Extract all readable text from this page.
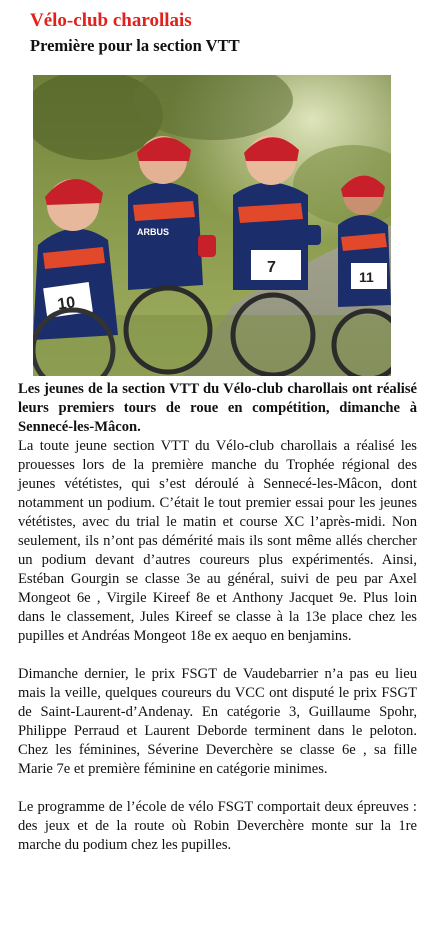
Vélo-club charollais
Première pour la section VTT
10
ARBUS
7
11

Les jeunes de la section VTT du Vélo-club charollais ont réalisé leurs premiers tours de roue en compétition, dimanche à Sennecé-les-Mâcon.

La toute jeune section VTT du Vélo-club charollais a réalisé les prouesses lors de la première manche du Trophée régional des jeunes vététistes, qui s’est déroulé à Sennecé-les-Mâcon, dont notamment un podium. C’était le tout premier essai pour les jeunes vététistes, avec du trial le matin et course XC l’après-midi. Non seulement, ils n’ont pas démérité mais ils sont même allés chercher un podium devant d’autres coureurs plus expérimentés. Ainsi, Estéban Gourgin se classe 3e au général, suivi de peu par Axel Mongeot 6e , Virgile Kireef 8e et Anthony Jacquet 9e. Plus loin dans le classement, Jules Kireef se classe à la 13e place chez les pupilles et Andréas Mongeot 18e ex aequo en benjamins.

Dimanche dernier, le prix FSGT de Vaudebarrier n’a pas eu lieu mais la veille, quelques coureurs du VCC ont disputé le prix FSGT de Saint-Laurent-d’Andenay. En catégorie 3, Guillaume Spohr, Philippe Perraud et Laurent Deborde terminent dans le peloton. Chez les féminines, Séverine Deverchère se classe 6e , sa fille Marie 7e et première féminine en catégorie minimes.

Le programme de l’école de vélo FSGT comportait deux épreuves : des jeux et de la route où Robin Deverchère monte sur la 1re marche du podium chez les pupilles.
